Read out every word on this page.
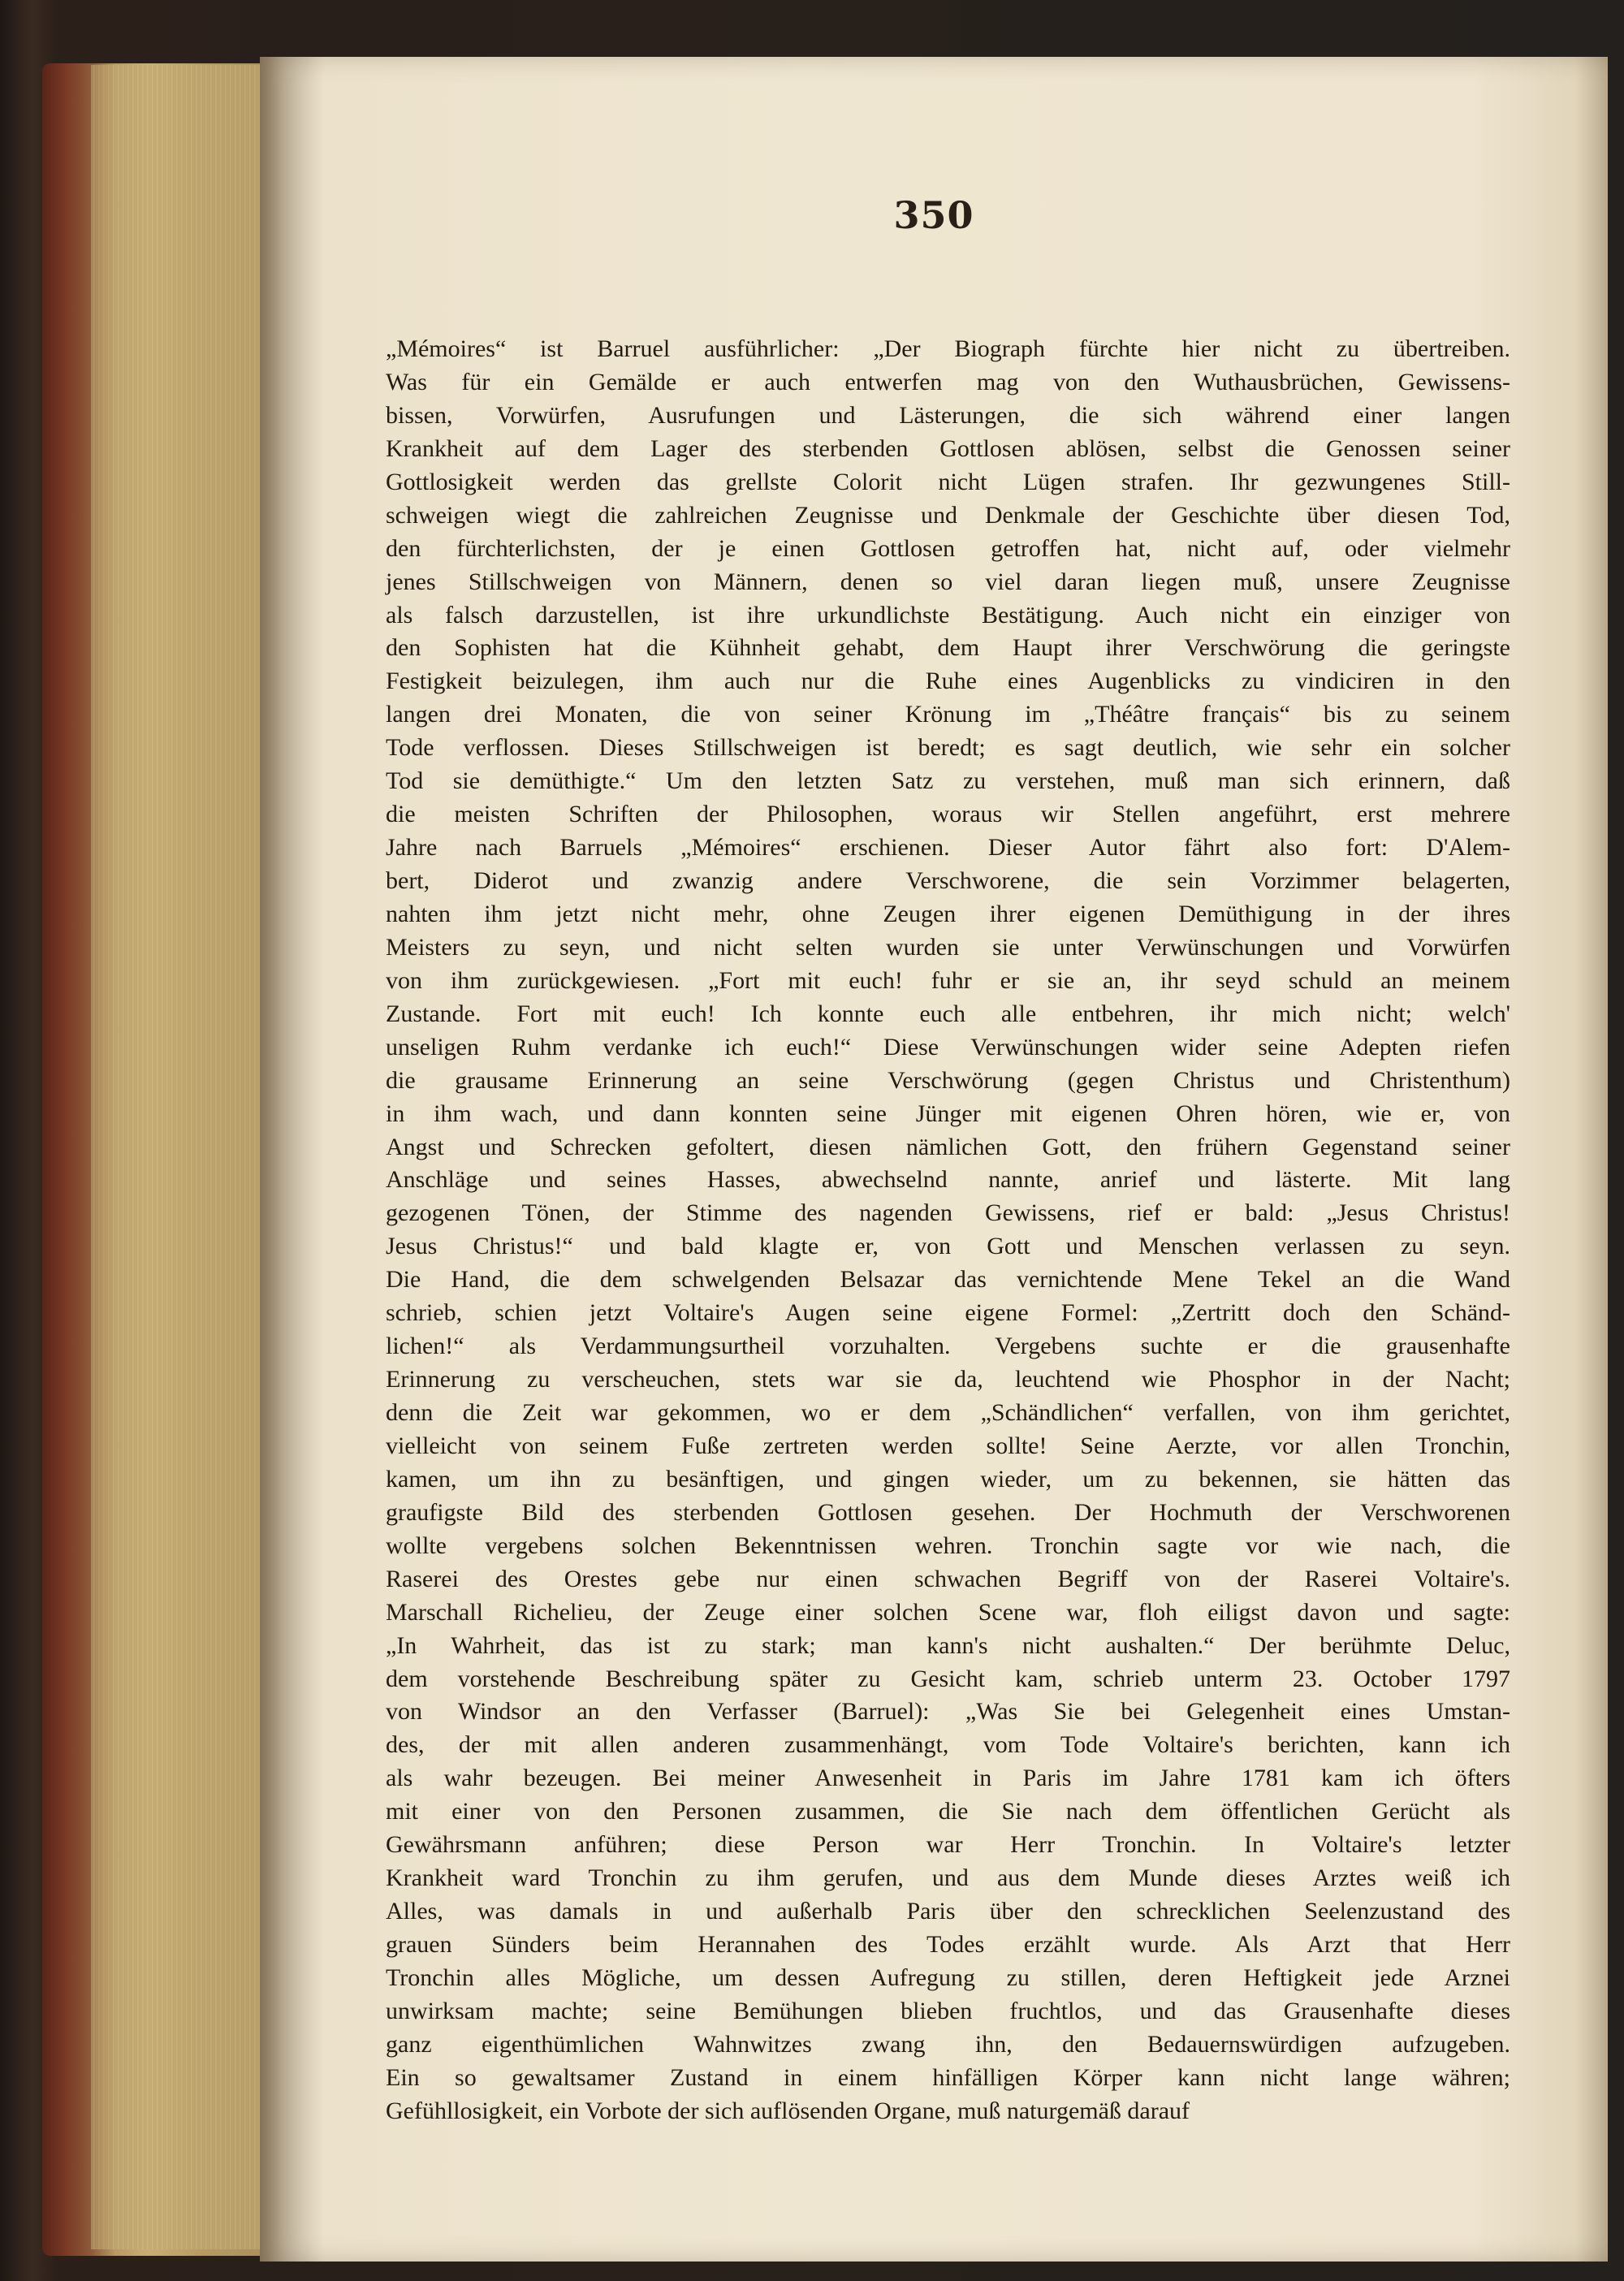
350
„Mémoires“ ist Barruel ausführlicher: „Der Biograph fürchte hier nicht zu übertreiben.
Was für ein Gemälde er auch entwerfen mag von den Wuthausbrüchen, Gewissens-
bissen, Vorwürfen, Ausrufungen und Lästerungen, die sich während einer langen
Krankheit auf dem Lager des sterbenden Gottlosen ablösen, selbst die Genossen seiner
Gottlosigkeit werden das grellste Colorit nicht Lügen strafen. Ihr gezwungenes Still-
schweigen wiegt die zahlreichen Zeugnisse und Denkmale der Geschichte über diesen Tod,
den fürchterlichsten, der je einen Gottlosen getroffen hat, nicht auf, oder vielmehr
jenes Stillschweigen von Männern, denen so viel daran liegen muß, unsere Zeugnisse
als falsch darzustellen, ist ihre urkundlichste Bestätigung. Auch nicht ein einziger von
den Sophisten hat die Kühnheit gehabt, dem Haupt ihrer Verschwörung die geringste
Festigkeit beizulegen, ihm auch nur die Ruhe eines Augenblicks zu vindiciren in den
langen drei Monaten, die von seiner Krönung im „Théâtre français“ bis zu seinem
Tode verflossen. Dieses Stillschweigen ist beredt; es sagt deutlich, wie sehr ein solcher
Tod sie demüthigte.“ Um den letzten Satz zu verstehen, muß man sich erinnern, daß
die meisten Schriften der Philosophen, woraus wir Stellen angeführt, erst mehrere
Jahre nach Barruels „Mémoires“ erschienen. Dieser Autor fährt also fort: D'Alem-
bert, Diderot und zwanzig andere Verschworene, die sein Vorzimmer belagerten,
nahten ihm jetzt nicht mehr, ohne Zeugen ihrer eigenen Demüthigung in der ihres
Meisters zu seyn, und nicht selten wurden sie unter Verwünschungen und Vorwürfen
von ihm zurückgewiesen. „Fort mit euch! fuhr er sie an, ihr seyd schuld an meinem
Zustande. Fort mit euch! Ich konnte euch alle entbehren, ihr mich nicht; welch'
unseligen Ruhm verdanke ich euch!“ Diese Verwünschungen wider seine Adepten riefen
die grausame Erinnerung an seine Verschwörung (gegen Christus und Christenthum)
in ihm wach, und dann konnten seine Jünger mit eigenen Ohren hören, wie er, von
Angst und Schrecken gefoltert, diesen nämlichen Gott, den frühern Gegenstand seiner
Anschläge und seines Hasses, abwechselnd nannte, anrief und lästerte. Mit lang
gezogenen Tönen, der Stimme des nagenden Gewissens, rief er bald: „Jesus Christus!
Jesus Christus!“ und bald klagte er, von Gott und Menschen verlassen zu seyn.
Die Hand, die dem schwelgenden Belsazar das vernichtende Mene Tekel an die Wand
schrieb, schien jetzt Voltaire's Augen seine eigene Formel: „Zertritt doch den Schänd-
lichen!“ als Verdammungsurtheil vorzuhalten. Vergebens suchte er die grausenhafte
Erinnerung zu verscheuchen, stets war sie da, leuchtend wie Phosphor in der Nacht;
denn die Zeit war gekommen, wo er dem „Schändlichen“ verfallen, von ihm gerichtet,
vielleicht von seinem Fuße zertreten werden sollte! Seine Aerzte, vor allen Tronchin,
kamen, um ihn zu besänftigen, und gingen wieder, um zu bekennen, sie hätten das
graufigste Bild des sterbenden Gottlosen gesehen. Der Hochmuth der Verschworenen
wollte vergebens solchen Bekenntnissen wehren. Tronchin sagte vor wie nach, die
Raserei des Orestes gebe nur einen schwachen Begriff von der Raserei Voltaire's.
Marschall Richelieu, der Zeuge einer solchen Scene war, floh eiligst davon und sagte:
„In Wahrheit, das ist zu stark; man kann's nicht aushalten.“ Der berühmte Deluc,
dem vorstehende Beschreibung später zu Gesicht kam, schrieb unterm 23. October 1797
von Windsor an den Verfasser (Barruel): „Was Sie bei Gelegenheit eines Umstan-
des, der mit allen anderen zusammenhängt, vom Tode Voltaire's berichten, kann ich
als wahr bezeugen. Bei meiner Anwesenheit in Paris im Jahre 1781 kam ich öfters
mit einer von den Personen zusammen, die Sie nach dem öffentlichen Gerücht als
Gewährsmann anführen; diese Person war Herr Tronchin. In Voltaire's letzter
Krankheit ward Tronchin zu ihm gerufen, und aus dem Munde dieses Arztes weiß ich
Alles, was damals in und außerhalb Paris über den schrecklichen Seelenzustand des
grauen Sünders beim Herannahen des Todes erzählt wurde. Als Arzt that Herr
Tronchin alles Mögliche, um dessen Aufregung zu stillen, deren Heftigkeit jede Arznei
unwirksam machte; seine Bemühungen blieben fruchtlos, und das Grausenhafte dieses
ganz eigenthümlichen Wahnwitzes zwang ihn, den Bedauernswürdigen aufzugeben.
Ein so gewaltsamer Zustand in einem hinfälligen Körper kann nicht lange währen;
Gefühllosigkeit, ein Vorbote der sich auflösenden Organe, muß naturgemäß darauf
